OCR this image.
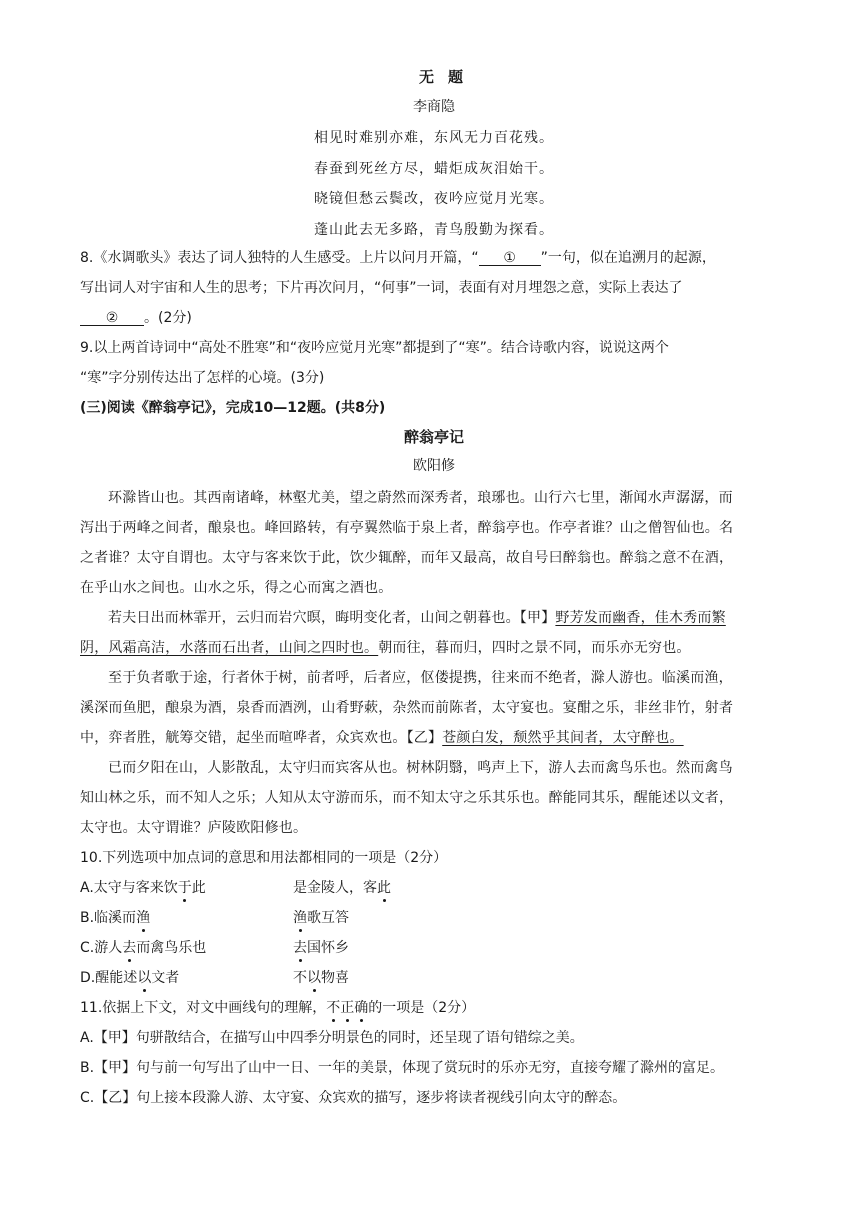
无题
李商隐
相见时难别亦难，东风无力百花残。
春蚕到死丝方尽，蜡炬成灰泪始干。
晓镜但愁云鬓改，夜吟应觉月光寒。
蓬山此去无多路，青鸟殷勤为探看。
8.《水调歌头》表达了词人独特的人生感受。上片以问月开篇，“ ① ”一句，似在追溯月的起源，
写出词人对宇宙和人生的思考；下片再次问月，“何事”一词，表面有对月埋怨之意，实际上表达了
② 。(2分)
9.以上两首诗词中“高处不胜寒”和“夜吟应觉月光寒”都提到了“寒”。结合诗歌内容，说说这两个
“寒”字分别传达出了怎样的心境。(3分)
(三)阅读《醉翁亭记》，完成10—12题。(共8分)
醉翁亭记
欧阳修
环滁皆山也。其西南诸峰，林壑尤美，望之蔚然而深秀者，琅琊也。山行六七里，渐闻水声潺潺，而
泻出于两峰之间者，酿泉也。峰回路转，有亭翼然临于泉上者，醉翁亭也。作亭者谁？山之僧智仙也。名
之者谁？太守自谓也。太守与客来饮于此，饮少辄醉，而年又最高，故自号曰醉翁也。醉翁之意不在酒，
在乎山水之间也。山水之乐，得之心而寓之酒也。
若夫日出而林霏开，云归而岩穴暝，晦明变化者，山间之朝暮也。【甲】野芳发而幽香，佳木秀而繁
阴，风霜高洁，水落而石出者，山间之四时也。朝而往，暮而归，四时之景不同，而乐亦无穷也。
至于负者歌于途，行者休于树，前者呼，后者应，伛偻提携，往来而不绝者，滁人游也。临溪而渔，
溪深而鱼肥，酿泉为酒，泉香而酒洌，山肴野蔌，杂然而前陈者，太守宴也。宴酣之乐，非丝非竹，射者
中，弈者胜，觥筹交错，起坐而喧哗者，众宾欢也。【乙】苍颜白发，颓然乎其间者，太守醉也。
已而夕阳在山，人影散乱，太守归而宾客从也。树林阴翳，鸣声上下，游人去而禽鸟乐也。然而禽鸟
知山林之乐，而不知人之乐；人知从太守游而乐，而不知太守之乐其乐也。醉能同其乐，醒能述以文者，
太守也。太守谓谁？庐陵欧阳修也。
10.下列选项中加点词的意思和用法都相同的一项是（2分）
A.太守与客来饮于此	是金陵人，客此
B.临溪而渔	渔歌互答
C.游人去而禽鸟乐也	去国怀乡
D.醒能述以文者	不以物喜
11.依据上下文，对文中画线句的理解，不正确的一项是（2分）
A.【甲】句骈散结合，在描写山中四季分明景色的同时，还呈现了语句错综之美。
B.【甲】句与前一句写出了山中一日、一年的美景，体现了赏玩时的乐亦无穷，直接夸耀了滁州的富足。
C.【乙】句上接本段滁人游、太守宴、众宾欢的描写，逐步将读者视线引向太守的醉态。
